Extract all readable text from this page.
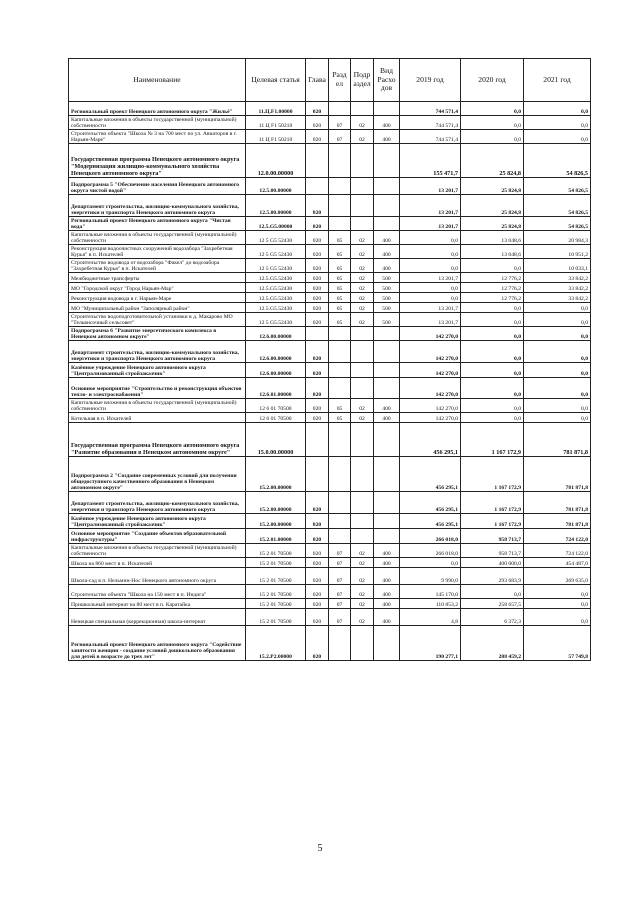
Наименование	Целевая статья	Глава	Разд ел	Подр аздел	Вид Расхо дов	2019 год	2020 год	2021 год
Региональный проект Ненецкого автономного округа "Жильё"	11.Ц.F1.00000	020				744 571,4	0,0	0,0
Капитальные вложения в объекты государственной (муниципальной) собственности	11 Ц F1 50210	020	07	02	400	744 571,4	0,0	0,0
Строительство объекта "Школа № 3 на 700 мест по ул. Авиаторов в г. Нарьян-Маре"	11 Ц F1 50210	020	07	02	400	744 571,4	0,0	0,0
Государственная программа Ненецкого автономного округа "Модернизация жилищно-коммунального хозяйства Ненецкого автономного округа"	12.0.00.00000					155 471,7	25 824,8	54 826,5
Подпрограмма 5 "Обеспечение населения Ненецкого автономного округа чистой водой"	12.5.00.00000					13 201,7	25 824,8	54 826,5
Департамент строительства, жилищно-коммунального хозяйства, энергетики и транспорта Ненецкого автономного округа	12.5.00.00000	020				13 201,7	25 824,8	54 826,5
Региональный проект Ненецкого автономного округа "Чистая вода"	12.5.G5.00000	020				13 201,7	25 824,8	54 826,5
Капитальные вложения в объекты государственной (муниципальной) собственности	12 5 G5 52430	020	05	02	400	0,0	13 048,6	20 984,3
Реконструкция водоочистных сооружений водозабора "Захребетная Курья" в п. Искателей	12 5 G5 52430	020	05	02	400	0,0	13 048,6	10 951,2
Строительство водовода от водозабора "Факел" до водозабора "Захребетная Курья" в п. Искателей	12 5 G5 52430	020	05	02	400	0,0	0,0	10 033,1
Межбюджетные трансферты	12.5.G5.52430	020	05	02	500	13 201,7	12 776,2	33 842,2
МО "Городской округ "Город Нарьян-Мар"	12.5.G5.52430	020	05	02	500	0,0	12 776,2	33 842,2
Реконструкция водовода в г. Нарьян-Маре	12.5.G5.52430	020	05	02	500	0,0	12 776,2	33 842,2
МО "Муниципальный район "Заполярный район"	12.5.G5.52430	020	05	02	500	13 201,7	0,0	0,0
Строительство водоподготовительной установки в д. Макарово МО "Тельвисочный сельсовет"	12 5 G5.52430	020	05	02	500	13 201,7	0,0	0,0
Подпрограмма 6 "Развитие энергетического комплекса в Ненецком автономном округе"	12.6.00.00000					142 270,0	0,0	0,0
Департамент строительства, жилищно-коммунального хозяйства, энергетики и транспорта Ненецкого автономного округа	12.6.00.00000	020				142 270,0	0,0	0,0
Казённое учреждение Ненецкого автономного округа "Централизованный стройзаказчик"	12.6.00.00000	020				142 270,0	0,0	0,0
Основное мероприятие "Строительство и реконструкция объектов тепло- и электроснабжения"	12.6.01.00000	020				142 270,0	0,0	0,0
Капитальные вложения в объекты государственной (муниципальной) собственности	12 6 01 70500	020	05	02	400	142 270,0	0,0	0,0
Котельная в п. Искателей	12 6 01 70500	020	05	02	400	142 270,0	0,0	0,0
Государственная программа Ненецкого автономного округа "Развитие образования в Ненецком автономном округе"	15.0.00.00000					456 295,1	1 167 172,9	781 871,8
Подпрограмма 2 "Создание современных условий для получения общедоступного качественного образования в Ненецком автономном округе"	15.2.00.00000					456 295,1	1 167 172,9	781 871,8
Департамент строительства, жилищно-коммунального хозяйства, энергетики и транспорта Ненецкого автономного округа	15.2.00.00000	020				456 295,1	1 167 172,9	781 871,8
Казённое учреждение Ненецкого автономного округа "Централизованный стройзаказчик"	15.2.00.00000	020				456 295,1	1 167 172,9	781 871,8
Основное мероприятие "Создание объектов образовательной инфраструктуры"	15.2.01.00000	020				266 018,0	958 713,7	724 122,0
Капитальные вложения в объекты государственной (муниципальной) собственности	15 2 01 70500	020	07	02	400	266 018,0	958 713,7	724 122,0
Школа на 860 мест в п. Искателей	15 2 01 70500	020	07	02	400	0,0	400 000,0	454 487,0
Школа-сад в п. Нельмин-Нос Ненецкого автономного округа	15 2 01 70500	020	07	02	400	9 990,0	293 683,9	269 635,0
Строительство объекта "Школа на 150 мест в п. Индига"	15 2 01 70500	020	07	02	400	145 170,0	0,0	0,0
Пришкольный интернат на 80 мест в п. Каратайка	15 2 01 70500	020	07	02	400	110 853,2	258 657,5	0,0
Ненецкая специальная (коррекционная) школа-интернат	15 2 01 70500	020	07	02	400	4,8	6 372,3	0,0
Региональный проект Ненецкого автономного округа "Содействие занятости женщин - создание условий дошкольного образования для детей в возрасте до трех лет"	15.2.P2.00000	020				190 277,1	208 459,2	57 749,8
5
